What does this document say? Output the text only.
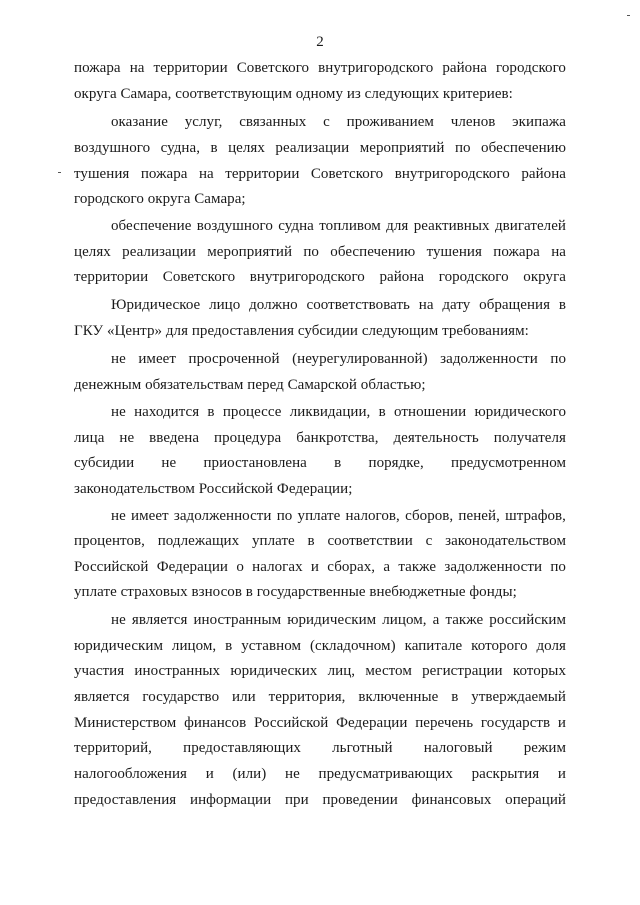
2
пожара на территории Советского внутригородского района городского
округа Самара, соответствующим одному из следующих критериев:
оказание услуг, связанных с проживанием членов экипажа
воздушного судна, в целях реализации мероприятий по обеспечению
тушения пожара на территории Советского внутригородского района
городского округа Самара;
обеспечение воздушного судна топливом для реактивных двигателей
целях реализации мероприятий по обеспечению тушения пожара на
территории Советского внутригородского района городского округа
Юридическое лицо должно соответствовать на дату обращения в
ГКУ «Центр» для предоставления субсидии следующим требованиям:
не имеет просроченной (неурегулированной) задолженности по
денежным обязательствам перед Самарской областью;
не находится в процессе ликвидации, в отношении юридического
лица не введена процедура банкротства, деятельность получателя
субсидии не приостановлена в порядке, предусмотренном
законодательством Российской Федерации;
не имеет задолженности по уплате налогов, сборов, пеней, штрафов,
процентов, подлежащих уплате в соответствии с законодательством
Российской Федерации о налогах и сборах, а также задолженности по
уплате страховых взносов в государственные внебюджетные фонды;
не является иностранным юридическим лицом, а также российским
юридическим лицом, в уставном (складочном) капитале которого доля
участия иностранных юридических лиц, местом регистрации которых
является государство или территория, включенные в утверждаемый
Министерством финансов Российской Федерации перечень государств и
территорий, предоставляющих льготный налоговый режим
налогообложения и (или) не предусматривающих раскрытия и
предоставления информации при проведении финансовых операций
